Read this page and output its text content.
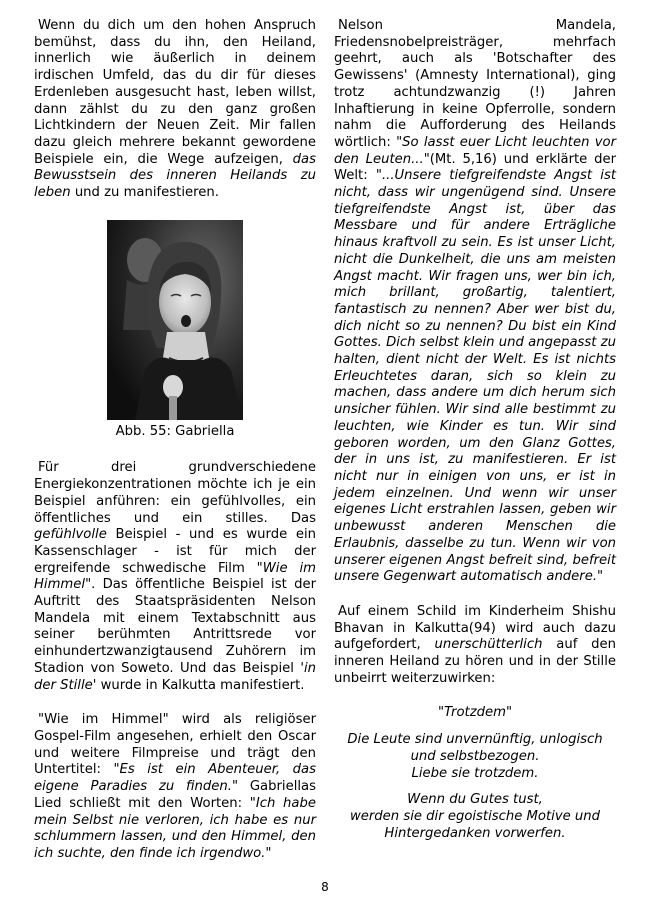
Wenn du dich um den hohen Anspruch bemühst, dass du ihn, den Heiland, innerlich wie äußerlich in deinem irdischen Umfeld, das du dir für dieses Erdenleben ausgesucht hast, leben willst, dann zählst du zu den ganz großen Lichtkindern der Neuen Zeit. Mir fallen dazu gleich mehrere bekannt gewordene Beispiele ein, die Wege aufzeigen, das Bewusstsein des inneren Heilands zu leben und zu manifestieren.

Abb. 55: Gabriella

Für drei grundverschiedene Energiekonzentrationen möchte ich je ein Beispiel anführen: ein gefühlvolles, ein öffentliches und ein stilles. Das gefühlvolle Beispiel - und es wurde ein Kassenschlager - ist für mich der ergreifende schwedische Film "Wie im Himmel". Das öffentliche Beispiel ist der Auftritt des Staatspräsidenten Nelson Mandela mit einem Textabschnitt aus seiner berühmten Antrittsrede vor einhundertzwanzigtausend Zuhörern im Stadion von Soweto. Und das Beispiel 'in der Stille' wurde in Kalkutta manifestiert.

"Wie im Himmel" wird als religiöser Gospel-Film angesehen, erhielt den Oscar und weitere Filmpreise und trägt den Untertitel: "Es ist ein Abenteuer, das eigene Paradies zu finden." Gabriellas Lied schließt mit den Worten: "Ich habe mein Selbst nie verloren, ich habe es nur schlummern lassen, und den Himmel, den ich suchte, den finde ich irgendwo."

Nelson Mandela, Friedensnobelpreisträger, mehrfach geehrt, auch als 'Botschafter des Gewissens' (Amnesty International), ging trotz achtundzwanzig (!) Jahren Inhaftierung in keine Opferrolle, sondern nahm die Aufforderung des Heilands wörtlich: "So lasst euer Licht leuchten vor den Leuten..."(Mt. 5,16) und erklärte der Welt: "...Unsere tiefgreifendste Angst ist nicht, dass wir ungenügend sind. Unsere tiefgreifendste Angst ist, über das Messbare und für andere Erträgliche hinaus kraftvoll zu sein. Es ist unser Licht, nicht die Dunkelheit, die uns am meisten Angst macht. Wir fragen uns, wer bin ich, mich brillant, großartig, talentiert, fantastisch zu nennen? Aber wer bist du, dich nicht so zu nennen? Du bist ein Kind Gottes. Dich selbst klein und angepasst zu halten, dient nicht der Welt. Es ist nichts Erleuchtetes daran, sich so klein zu machen, dass andere um dich herum sich unsicher fühlen. Wir sind alle bestimmt zu leuchten, wie Kinder es tun. Wir sind geboren worden, um den Glanz Gottes, der in uns ist, zu manifestieren. Er ist nicht nur in einigen von uns, er ist in jedem einzelnen. Und wenn wir unser eigenes Licht erstrahlen lassen, geben wir unbewusst anderen Menschen die Erlaubnis, dasselbe zu tun. Wenn wir von unserer eigenen Angst befreit sind, befreit unsere Gegenwart automatisch andere."

Auf einem Schild im Kinderheim Shishu Bhavan in Kalkutta(94) wird auch dazu aufgefordert, unerschütterlich auf den inneren Heiland zu hören und in der Stille unbeirrt weiterzuwirken:

"Trotzdem"
Die Leute sind unvernünftig, unlogisch
und selbstbezogen.
Liebe sie trotzdem.
Wenn du Gutes tust,
werden sie dir egoistische Motive und
Hintergedanken vorwerfen.
8
